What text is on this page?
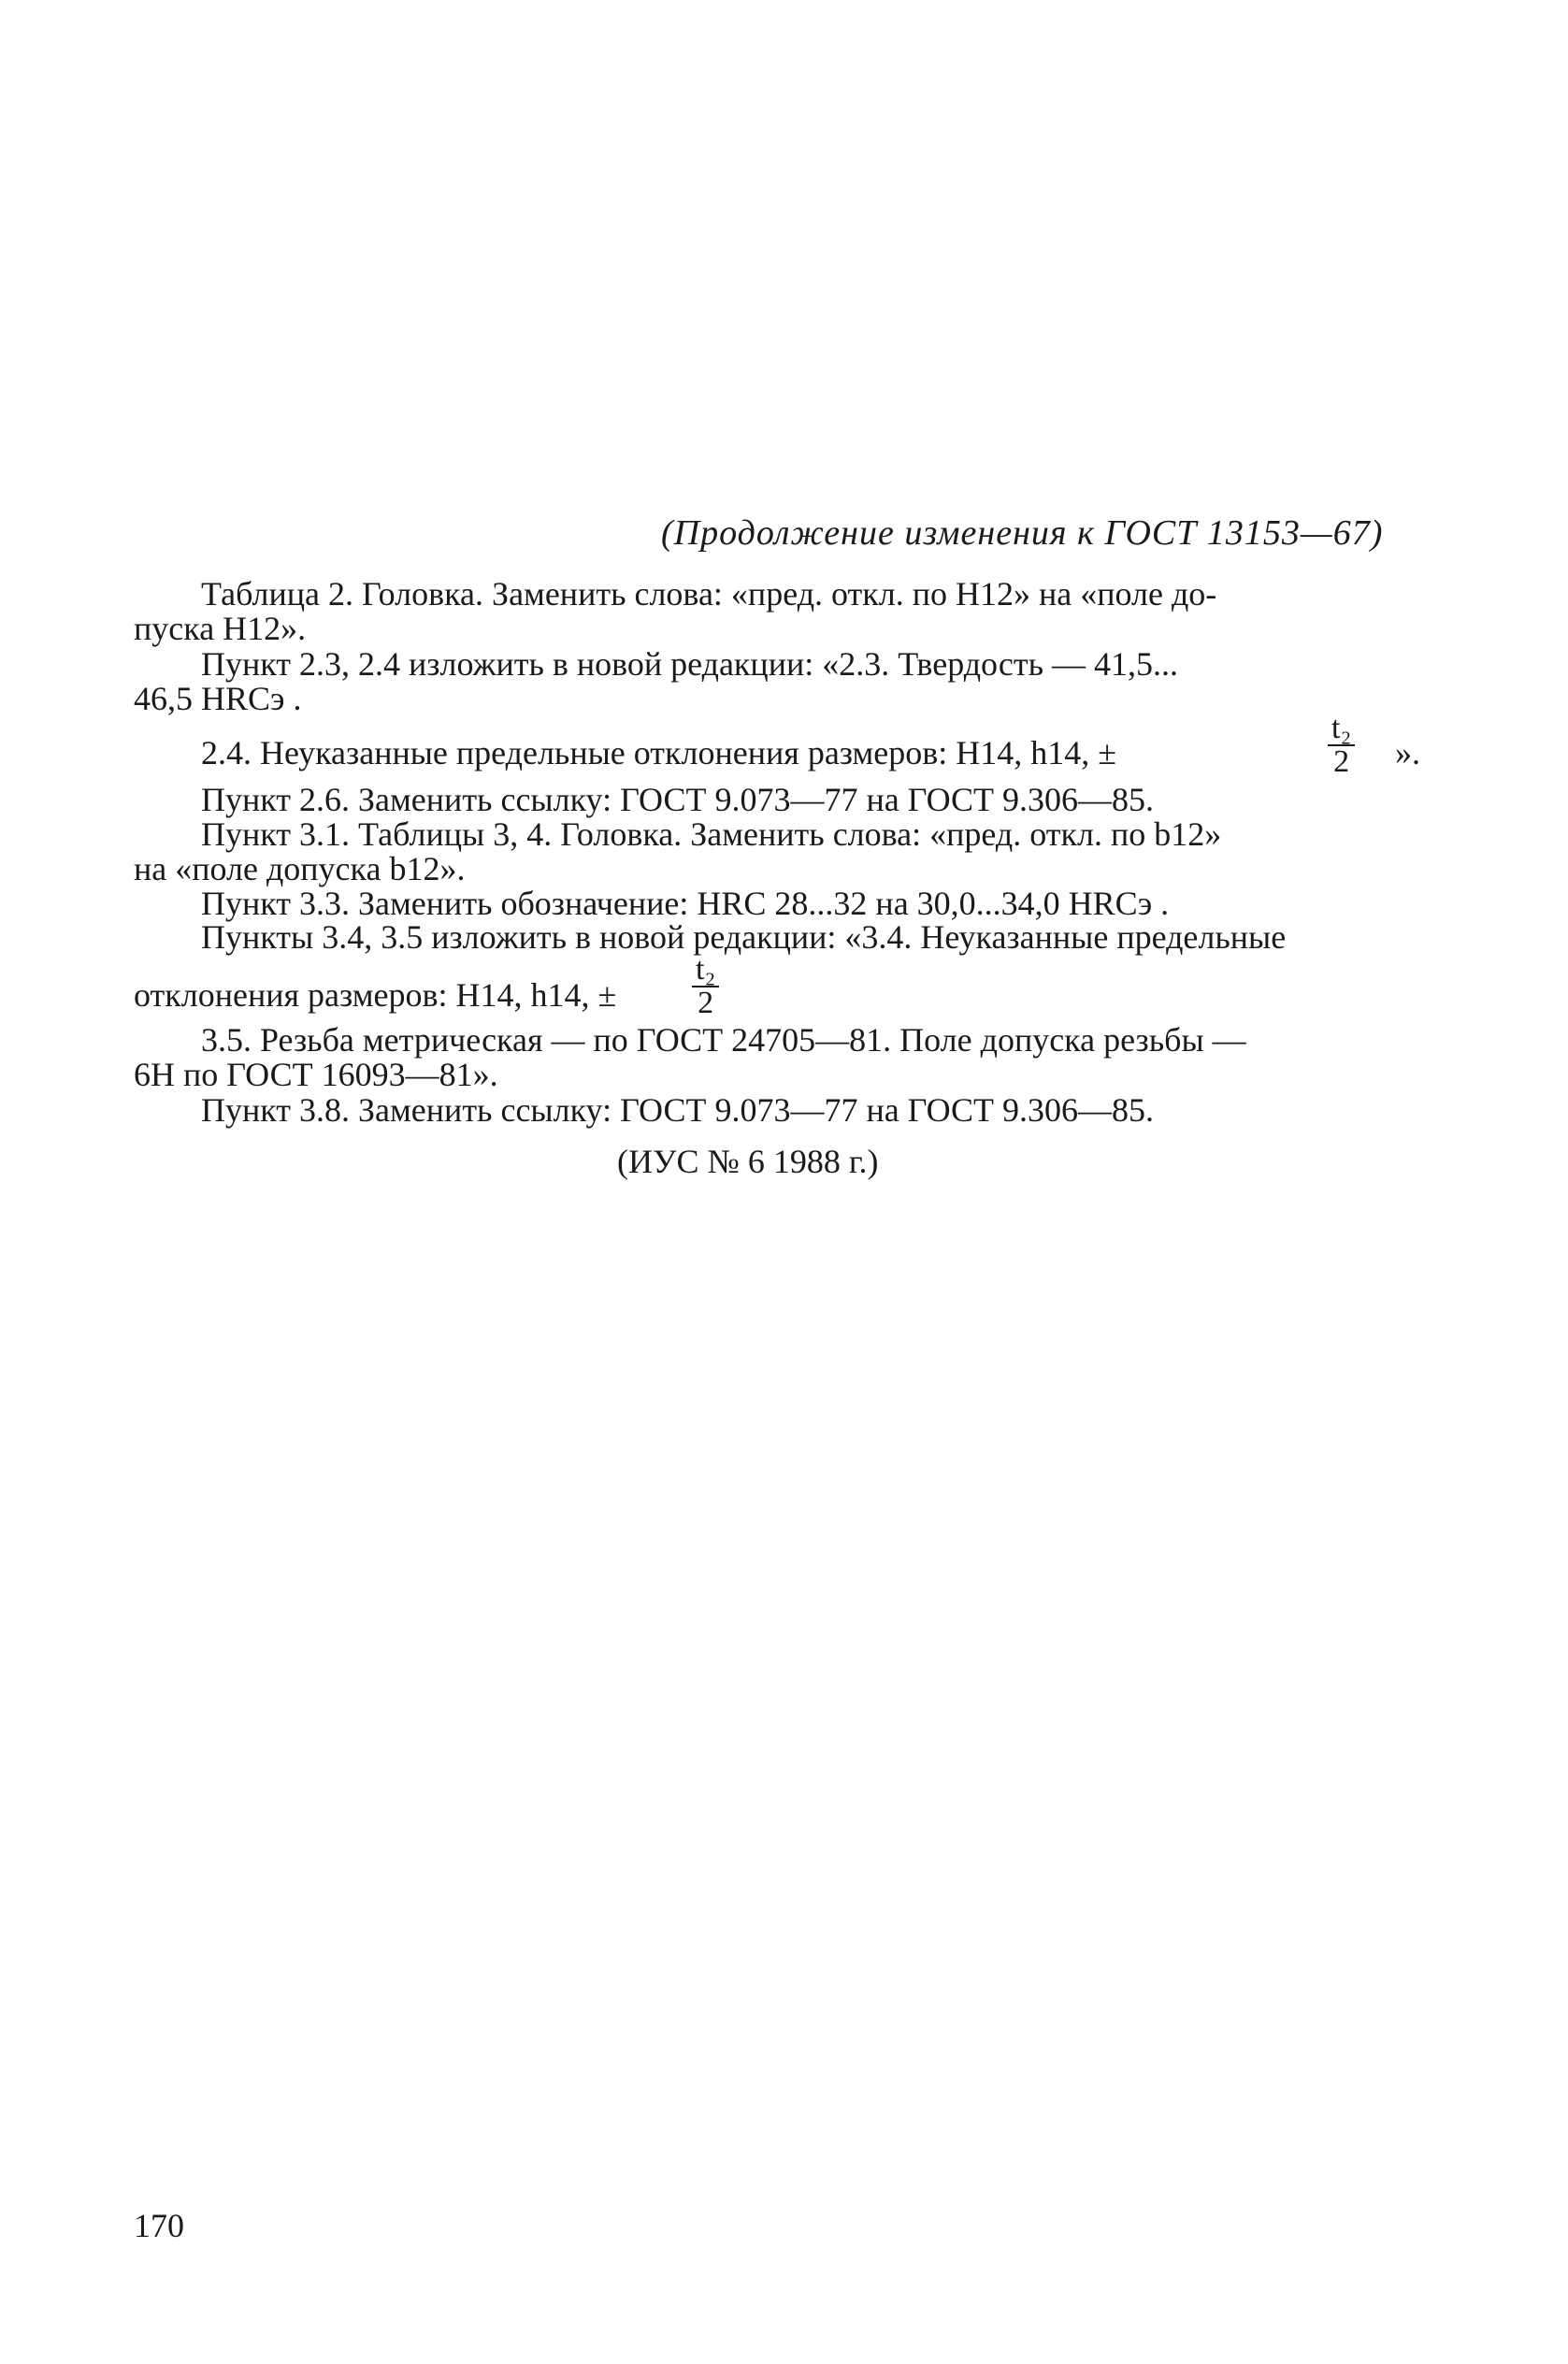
(Продолжение изменения к ГОСТ 13153—67)
Таблица 2. Головка. Заменить слова: «пред. откл. по Н12» на «поле до-
пуска Н12».
Пункт 2.3, 2.4 изложить в новой редакции: «2.3. Твердость — 41,5...
46,5 HRCэ .
2.4. Неуказанные предельные отклонения размеров: Н14, h14, ±	$\frac{\text{t₂}}{2}$ ».
Пункт 2.6. Заменить ссылку: ГОСТ 9.073—77 на ГОСТ 9.306—85.
Пункт 3.1. Таблицы 3, 4. Головка. Заменить слова: «пред. откл. по b12»
на «поле допуска b12».
Пункт 3.3. Заменить обозначение: HRC 28...32 на 30,0...34,0 HRCэ .
Пункты 3.4, 3.5 изложить в новой редакции: «3.4. Неуказанные предельные
отклонения размеров: Н14, h14, ± $\frac{\text{t₂}}{2}$
3.5. Резьба метрическая — по ГОСТ 24705—81. Поле допуска резьбы —
6Н по ГОСТ 16093—81».
Пункт 3.8. Заменить ссылку: ГОСТ 9.073—77 на ГОСТ 9.306—85.
(ИУС № 6 1988 г.)
170
